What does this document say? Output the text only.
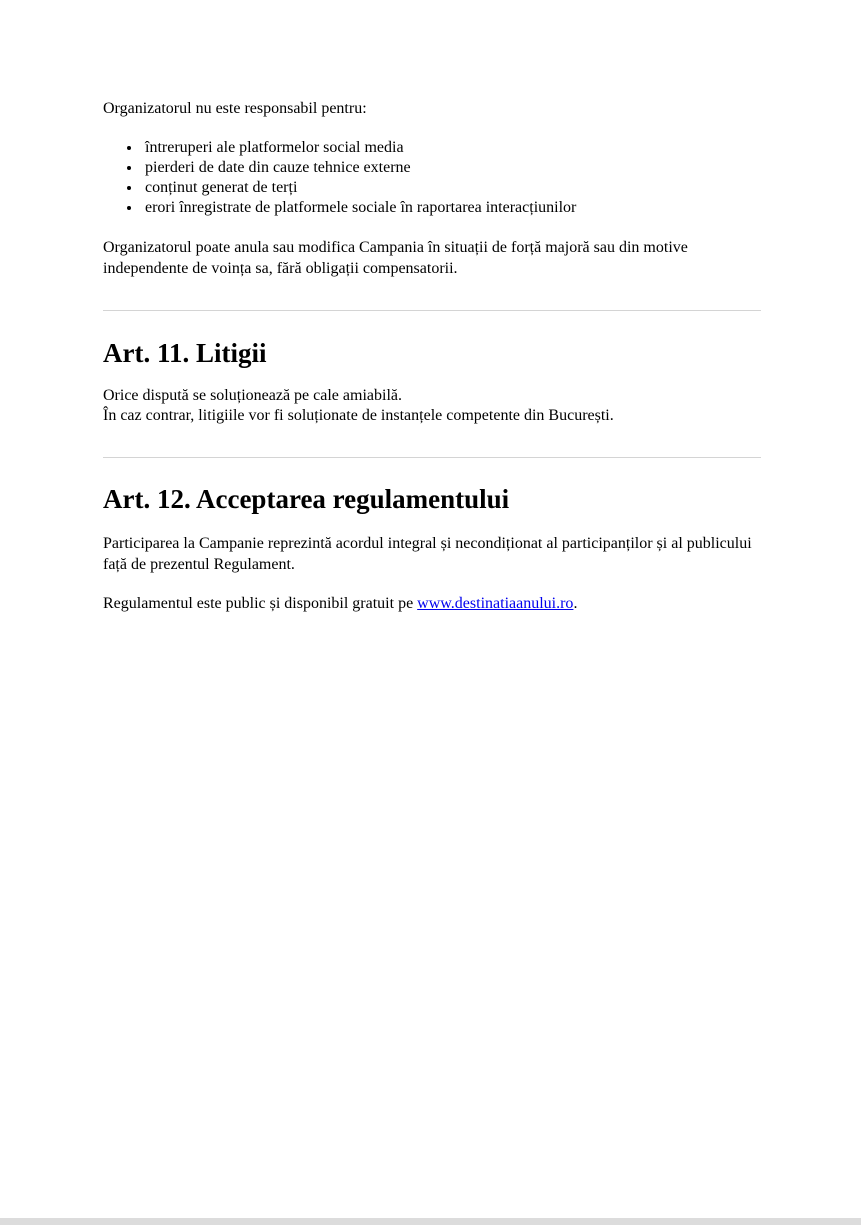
Organizatorul nu este responsabil pentru:

• întreruperi ale platformelor social media
• pierderi de date din cauze tehnice externe
• conținut generat de terți
• erori înregistrate de platformele sociale în raportarea interacțiunilor

Organizatorul poate anula sau modifica Campania în situații de forță majoră sau din motive independente de voința sa, fără obligații compensatorii.

Art. 11. Litigii

Orice dispută se soluționează pe cale amiabilă.

În caz contrar, litigiile vor fi soluționate de instanțele competente din București.

Art. 12. Acceptarea regulamentului

Participarea la Campanie reprezintă acordul integral și necondiționat al participanților și al publicului față de prezentul Regulament.

Regulamentul este public și disponibil gratuit pe www.destinatiaanului.ro.
